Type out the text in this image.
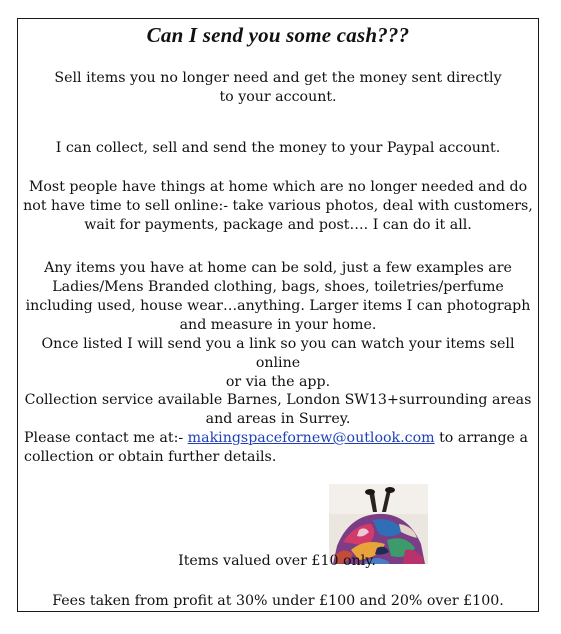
Can I send you some cash???
Sell items you no longer need and get the money sent directly
to your account.
I can collect, sell and send the money to your Paypal account.
Most people have things at home which are no longer needed and do
not have time to sell online:- take various photos, deal with customers,
wait for payments, package and post…. I can do it all.
Any items you have at home can be sold, just a few examples are
Ladies/Mens Branded clothing, bags, shoes, toiletries/perfume
including used, house wear…anything. Larger items I can photograph
and measure in your home.
Once listed I will send you a link so you can watch your items sell online
or via the app.
Collection service available Barnes, London SW13+surrounding areas
and areas in Surrey.
Please contact me at:- makingspacefornew@outlook.com to arrange a
collection or obtain further details.
Items valued over £10 only.
Fees taken from profit at 30% under £100 and 20% over £100.
